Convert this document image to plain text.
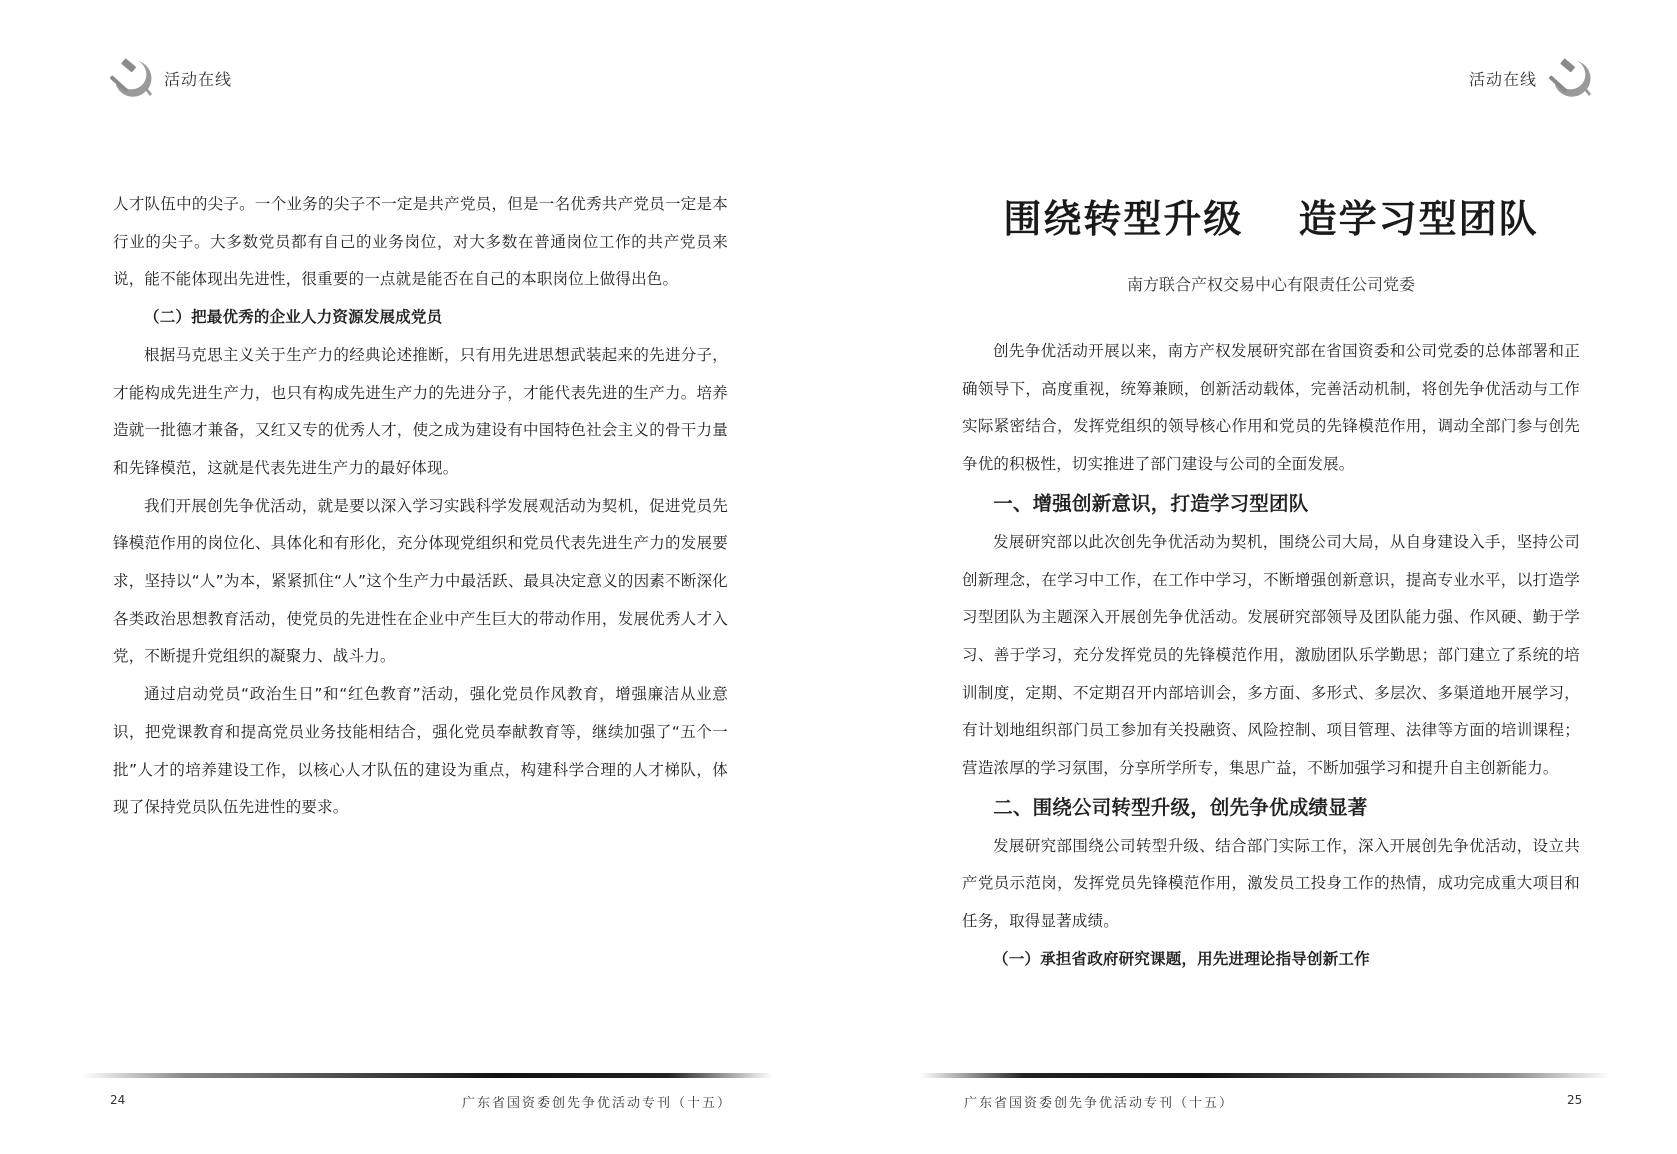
活动在线

人才队伍中的尖子。一个业务的尖子不一定是共产党员，但是一名优秀共产党员一定是本行业的尖子。大多数党员都有自己的业务岗位，对大多数在普通岗位工作的共产党员来说，能不能体现出先进性，很重要的一点就是能否在自己的本职岗位上做得出色。

（二）把最优秀的企业人力资源发展成党员

根据马克思主义关于生产力的经典论述推断，只有用先进思想武装起来的先进分子，才能构成先进生产力，也只有构成先进生产力的先进分子，才能代表先进的生产力。培养造就一批德才兼备，又红又专的优秀人才，使之成为建设有中国特色社会主义的骨干力量和先锋模范，这就是代表先进生产力的最好体现。

我们开展创先争优活动，就是要以深入学习实践科学发展观活动为契机，促进党员先锋模范作用的岗位化、具体化和有形化，充分体现党组织和党员代表先进生产力的发展要求，坚持以“人”为本，紧紧抓住“人”这个生产力中最活跃、最具决定意义的因素不断深化各类政治思想教育活动，使党员的先进性在企业中产生巨大的带动作用，发展优秀人才入党，不断提升党组织的凝聚力、战斗力。

通过启动党员“政治生日”和“红色教育”活动，强化党员作风教育，增强廉洁从业意识，把党课教育和提高党员业务技能相结合，强化党员奉献教育等，继续加强了“五个一批”人才的培养建设工作，以核心人才队伍的建设为重点，构建科学合理的人才梯队，体现了保持党员队伍先进性的要求。

24	广东省国资委创先争优活动专刊（十五）
活动在线
25
广东省国资委创先争优活动专刊（十五）
围绕转型升级 造学习型团队

南方联合产权交易中心有限责任公司党委

创先争优活动开展以来，南方产权发展研究部在省国资委和公司党委的总体部署和正确领导下，高度重视，统筹兼顾，创新活动载体，完善活动机制，将创先争优活动与工作实际紧密结合，发挥党组织的领导核心作用和党员的先锋模范作用，调动全部门参与创先争优的积极性，切实推进了部门建设与公司的全面发展。

一、增强创新意识，打造学习型团队

发展研究部以此次创先争优活动为契机，围绕公司大局，从自身建设入手，坚持公司创新理念，在学习中工作，在工作中学习，不断增强创新意识，提高专业水平，以打造学习型团队为主题深入开展创先争优活动。发展研究部领导及团队能力强、作风硬、勤于学习、善于学习，充分发挥党员的先锋模范作用，激励团队乐学勤思；部门建立了系统的培训制度，定期、不定期召开内部培训会，多方面、多形式、多层次、多渠道地开展学习，有计划地组织部门员工参加有关投融资、风险控制、项目管理、法律等方面的培训课程；营造浓厚的学习氛围，分享所学所专，集思广益，不断加强学习和提升自主创新能力。

二、围绕公司转型升级，创先争优成绩显著

发展研究部围绕公司转型升级、结合部门实际工作，深入开展创先争优活动，设立共产党员示范岗，发挥党员先锋模范作用，激发员工投身工作的热情，成功完成重大项目和任务，取得显著成绩。

（一）承担省政府研究课题，用先进理论指导创新工作
